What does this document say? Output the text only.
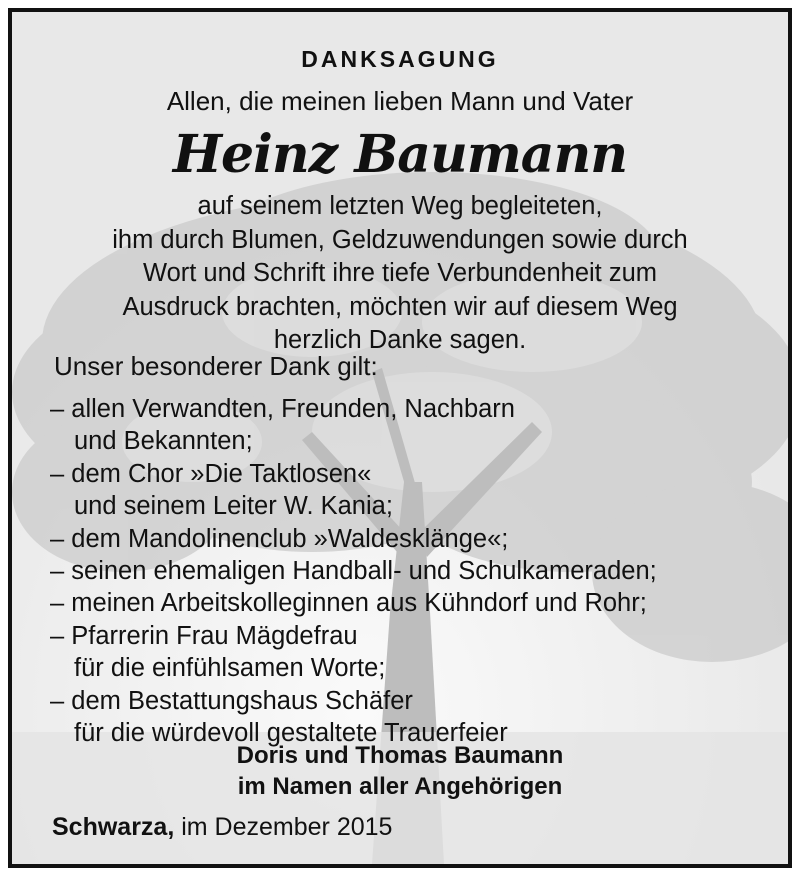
DANKSAGUNG
Allen, die meinen lieben Mann und Vater
Heinz Baumann
auf seinem letzten Weg begleiteten,
ihm durch Blumen, Geldzuwendungen sowie durch
Wort und Schrift ihre tiefe Verbundenheit zum
Ausdruck brachten, möchten wir auf diesem Weg
herzlich Danke sagen.
Unser besonderer Dank gilt:
– allen Verwandten, Freunden, Nachbarn
und Bekannten;
– dem Chor »Die Taktlosen«
und seinem Leiter W. Kania;
– dem Mandolinenclub »Waldesklänge«;
– seinen ehemaligen Handball- und Schulkameraden;
– meinen Arbeitskolleginnen aus Kühndorf und Rohr;
– Pfarrerin Frau Mägdefrau
für die einfühlsamen Worte;
– dem Bestattungshaus Schäfer
für die würdevoll gestaltete Trauerfeier
Doris und Thomas Baumann
im Namen aller Angehörigen
Schwarza, im Dezember 2015
